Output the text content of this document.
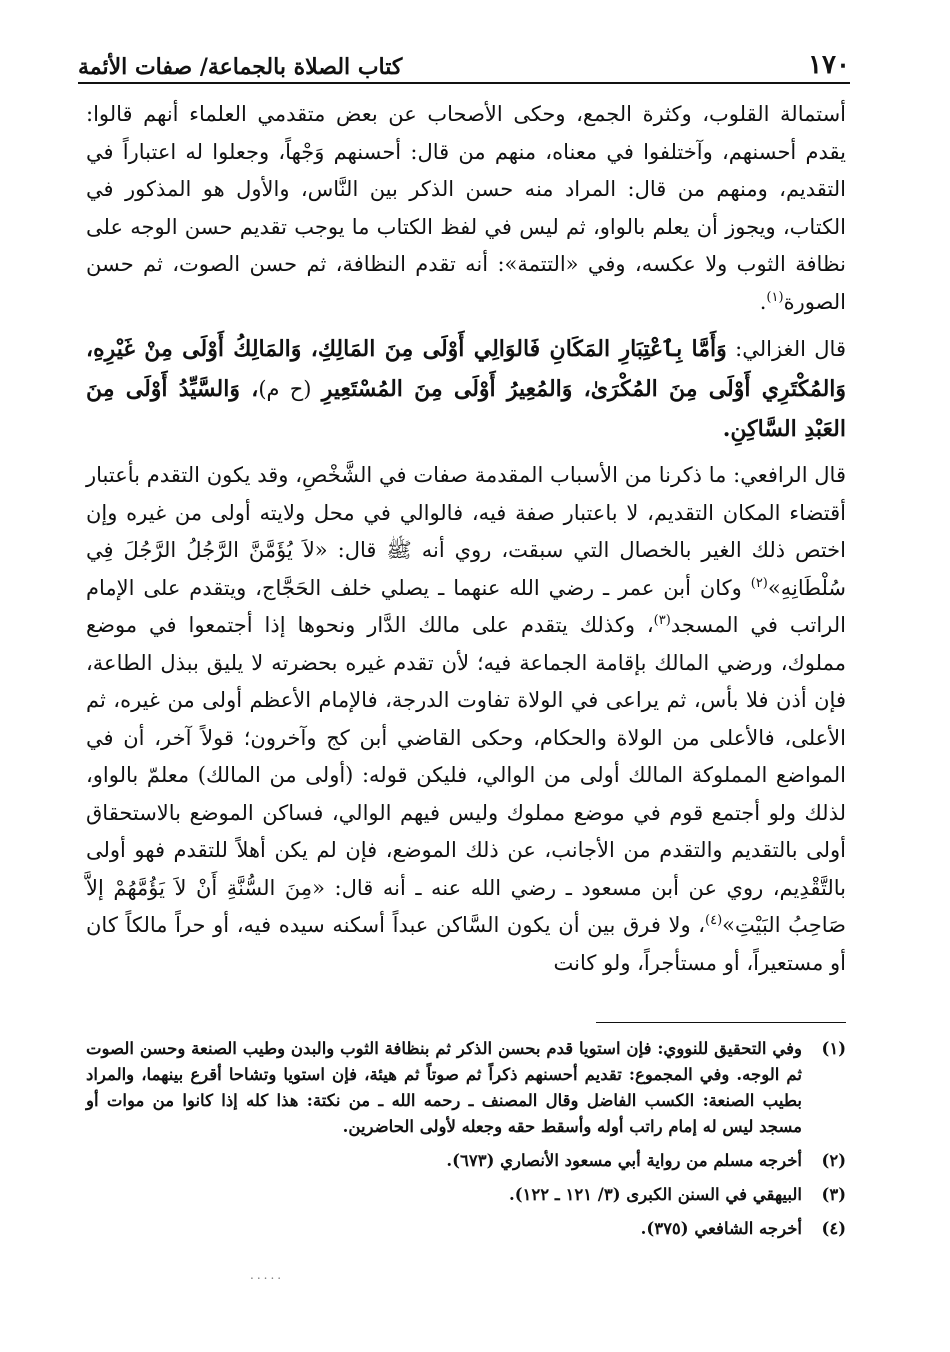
١٧٠
كتاب الصلاة بالجماعة/ صفات الأئمة

أستمالة القلوب، وكثرة الجمع، وحكى الأصحاب عن بعض متقدمي العلماء أنهم قالوا: يقدم أحسنهم، وآختلفوا في معناه، منهم من قال: أحسنهم وَجْهاً، وجعلوا له اعتباراً في التقديم، ومنهم من قال: المراد منه حسن الذكر بين النَّاس، والأول هو المذكور في الكتاب، ويجوز أن يعلم بالواو، ثم ليس في لفظ الكتاب ما يوجب تقديم حسن الوجه على نظافة الثوب ولا عكسه، وفي «التتمة»: أنه تقدم النظافة، ثم حسن الصوت، ثم حسن الصورة$^{(١)}$.

قال الغزالي: وَأَمَّا بِٱعْتِبَارِ المَكَانِ فَالوَالِي أَوْلَى مِنَ المَالِكِ، وَالمَالِكُ أَوْلَى مِنْ غَيْرِهِ، وَالمُكْتَرِي أَوْلَى مِنَ المُكْرَىٰ، وَالمُعِيرُ أَوْلَى مِنَ المُسْتَعِيرِ (ح م)، وَالسَّيِّدُ أَوْلَى مِنَ العَبْدِ السَّاكِنِ.

قال الرافعي: ما ذكرنا من الأسباب المقدمة صفات في الشَّخْصِ، وقد يكون التقدم بأعتبار أقتضاء المكان التقديم، لا باعتبار صفة فيه، فالوالي في محل ولايته أولى من غيره وإن اختص ذلك الغير بالخصال التي سبقت، روي أنه ﷺ قال: «لاَ يُؤَمَّنَّ الرَّجُلُ الرَّجُلَ فِي سُلْطَانِهِ»$^{(٢)}$ وكان أبن عمر ـ رضي الله عنهما ـ يصلي خلف الحَجَّاج، ويتقدم على الإمام الراتب في المسجد$^{(٣)}$، وكذلك يتقدم على مالك الدَّار ونحوها إذا أجتمعوا في موضع مملوك، ورضي المالك بإقامة الجماعة فيه؛ لأن تقدم غيره بحضرته لا يليق ببذل الطاعة، فإن أذن فلا بأس، ثم يراعى في الولاة تفاوت الدرجة، فالإمام الأعظم أولى من غيره، ثم الأعلى، فالأعلى من الولاة والحكام، وحكى القاضي أبن كج وآخرون؛ قولاً آخر، أن في المواضع المملوكة المالك أولى من الوالي، فليكن قوله: (أولى من المالك) معلمّ بالواو، لذلك ولو أجتمع قوم في موضع مملوك وليس فيهم الوالي، فساكن الموضع بالاستحقاق أولى بالتقديم والتقدم من الأجانب، عن ذلك الموضع، فإن لم يكن أهلاً للتقدم فهو أولى بالتَّقْدِيم، روي عن أبن مسعود ـ رضي الله عنه ـ أنه قال: «مِنَ السُّنَّةِ أَنْ لاَ يَؤُمَّهُمْ إلاَّ صَاحِبُ البَيْتِ»$^{(٤)}$، ولا فرق بين أن يكون السَّاكن عبداً أسكنه سيده فيه، أو حراً مالكاً كان أو مستعيراً، أو مستأجراً، ولو كانت

(١)
وفي التحقيق للنووي: فإن استويا قدم بحسن الذكر ثم بنظافة الثوب والبدن وطيب الصنعة وحسن الصوت ثم الوجه. وفي المجموع: تقديم أحسنهم ذكراً ثم صوتاً ثم هيئة، فإن استويا وتشاحا أقرع بينهما، والمراد بطيب الصنعة: الكسب الفاضل وقال المصنف ـ رحمه الله ـ من نكتة: هذا كله إذا كانوا من موات أو مسجد ليس له إمام راتب أوله وأسقط حقه وجعله لأولى الحاضرين.
(٢)
أخرجه مسلم من رواية أبي مسعود الأنصاري (٦٧٣).
(٣)
البيهقي في السنن الكبرى (٣/ ١٢١ ـ ١٢٢).
(٤)
أخرجه الشافعي (٣٧٥).
.....
